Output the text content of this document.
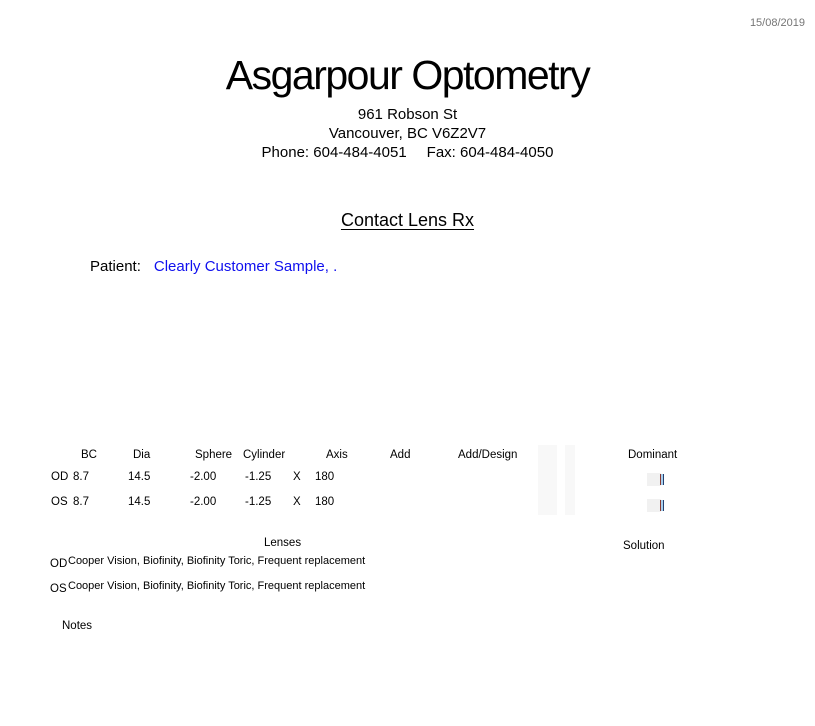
15/08/2019
Asgarpour Optometry
961 Robson St
Vancouver, BC V6Z2V7
Phone: 604-484-4051 Fax: 604-484-4050
Contact Lens Rx
Patient: Clearly Customer Sample, .
BC	Dia	Sphere Cylinder	Axis	Add	Add/Design	Dominant
OD 8.7	14.5	-2.00	-1.25 X 180
OS 8.7	14.5	-2.00	-1.25 X 180
Lenses	Solution
OD Cooper Vision, Biofinity, Biofinity Toric, Frequent replacement
OS Cooper Vision, Biofinity, Biofinity Toric, Frequent replacement
Notes
